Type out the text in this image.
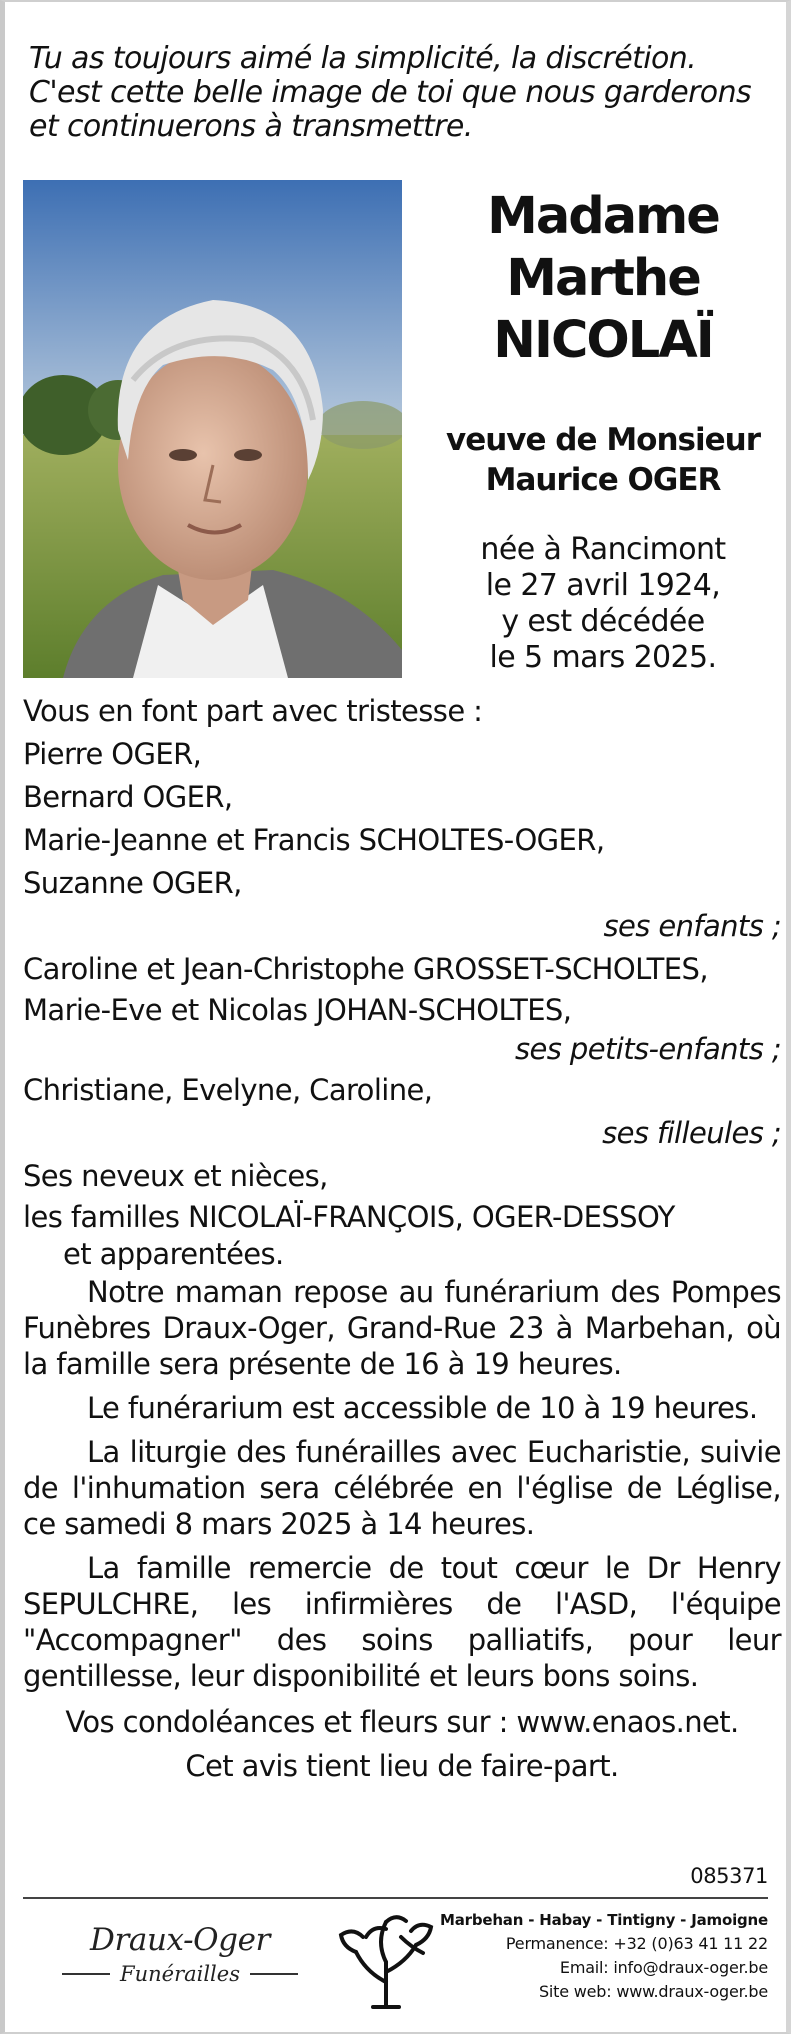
Tu as toujours aimé la simplicité, la discrétion.
C'est cette belle image de toi que nous garderons
et continuerons à transmettre.
Madame
Marthe
NICOLAÏ
veuve de Monsieur
Maurice OGER
née à Rancimont
le 27 avril 1924,
y est décédée
le 5 mars 2025.
Vous en font part avec tristesse :
Pierre OGER,
Bernard OGER,
Marie-Jeanne et Francis SCHOLTES-OGER,
Suzanne OGER,
ses enfants ;
Caroline et Jean-Christophe GROSSET-SCHOLTES,
Marie-Eve et Nicolas JOHAN-SCHOLTES,
ses petits-enfants ;
Christiane, Evelyne, Caroline,
ses filleules ;
Ses neveux et nièces,
les familles NICOLAÏ-FRANÇOIS, OGER-DESSOY
et apparentées.
Notre maman repose au funérarium des Pompes Funèbres Draux-Oger, Grand-Rue 23 à Marbehan, où la famille sera présente de 16 à 19 heures.
Le funérarium est accessible de 10 à 19 heures.
La liturgie des funérailles avec Eucharistie, suivie de l'inhumation sera célébrée en l'église de Léglise, ce samedi 8 mars 2025 à 14 heures.
La famille remercie de tout cœur le Dr Henry SEPULCHRE, les infirmières de l'ASD, l'équipe "Accompagner" des soins palliatifs, pour leur gentillesse, leur disponibilité et leurs bons soins.
Vos condoléances et fleurs sur : www.enaos.net.
Cet avis tient lieu de faire-part.
085371
Draux-Oger
Funérailles
Marbehan - Habay - Tintigny - Jamoigne
Permanence: +32 (0)63 41 11 22
Email: info@draux-oger.be
Site web: www.draux-oger.be
